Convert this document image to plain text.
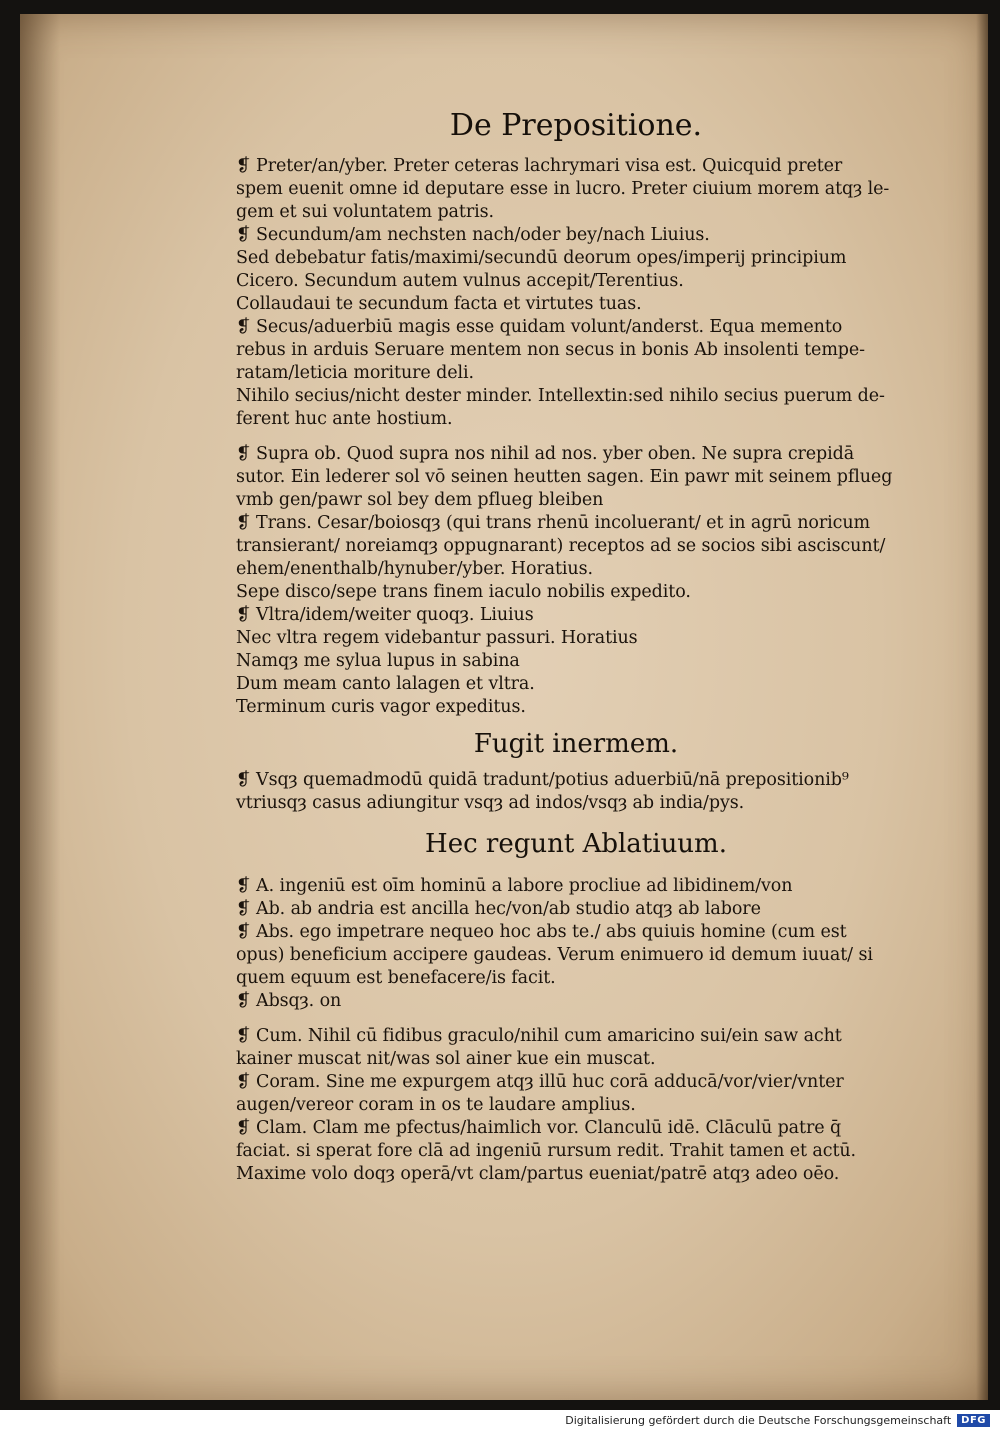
De Prepositione.

❡ Preter/an/yber. Preter ceteras lachrymari visa est. Quicquid preter

spem euenit omne id deputare esse in lucro. Preter ciuium morem atqȝ le-

gem et sui voluntatem patris.

❡ Secundum/am nechsten nach/oder bey/nach Liuius.

Sed debebatur fatis/maximi/secundū deorum opes/imperij principium

Cicero. Secundum autem vulnus accepit/Terentius.

Collaudaui te secundum facta et virtutes tuas.

❡ Secus/aduerbiū magis esse quidam volunt/anderst. Equa memento

rebus in arduis Seruare mentem non secus in bonis Ab insolenti tempe-

ratam/leticia moriture deli.

Nihilo secius/nicht dester minder. Intellextin:sed nihilo secius puerum de-

ferent huc ante hostium.

❡ Supra ob. Quod supra nos nihil ad nos. yber oben. Ne supra crepidā

sutor. Ein lederer sol vō seinen heutten sagen. Ein pawr mit seinem pflueg

vmb gen/pawr sol bey dem pflueg bleiben

❡ Trans. Cesar/boiosqȝ (qui trans rhenū incoluerant/ et in agrū noricum

transierant/ noreiamqȝ oppugnarant) receptos ad se socios sibi asciscunt/

ehem/enenthalb/hynuber/yber. Horatius.

Sepe disco/sepe trans finem iaculo nobilis expedito.

❡ Vltra/idem/weiter quoqȝ. Liuius

Nec vltra regem videbantur passuri. Horatius

Namqȝ me sylua lupus in sabina

Dum meam canto lalagen et vltra.

Terminum curis vagor expeditus.

Fugit inermem.

❡ Vsqȝ quemadmodū quidā tradunt/potius aduerbiū/nā prepositionib⁹

vtriusqȝ casus adiungitur vsqȝ ad indos/vsqȝ ab india/pys.

Hec regunt Ablatiuum.

❡ A. ingeniū est oīm hominū a labore procliue ad libidinem/von

❡ Ab. ab andria est ancilla hec/von/ab studio atqȝ ab labore

❡ Abs. ego impetrare nequeo hoc abs te./ abs quiuis homine (cum est

opus) beneficium accipere gaudeas. Verum enimuero id demum iuuat/ si

quem equum est benefacere/is facit.

❡ Absqȝ. on

❡ Cum. Nihil cū fidibus graculo/nihil cum amaricino sui/ein saw acht

kainer muscat nit/was sol ainer kue ein muscat.

❡ Coram. Sine me expurgem atqȝ illū huc corā adducā/vor/vier/vnter

augen/vereor coram in os te laudare amplius.

❡ Clam. Clam me pfectus/haimlich vor. Clanculū idē. Clāculū patre q̄

faciat. si sperat fore clā ad ingeniū rursum redit. Trahit tamen et actū.

Maxime volo doqȝ operā/vt clam/partus eueniat/patrē atqȝ adeo oēo.

Digitalisierung gefördert durch die Deutsche Forschungsgemeinschaft	DFG
